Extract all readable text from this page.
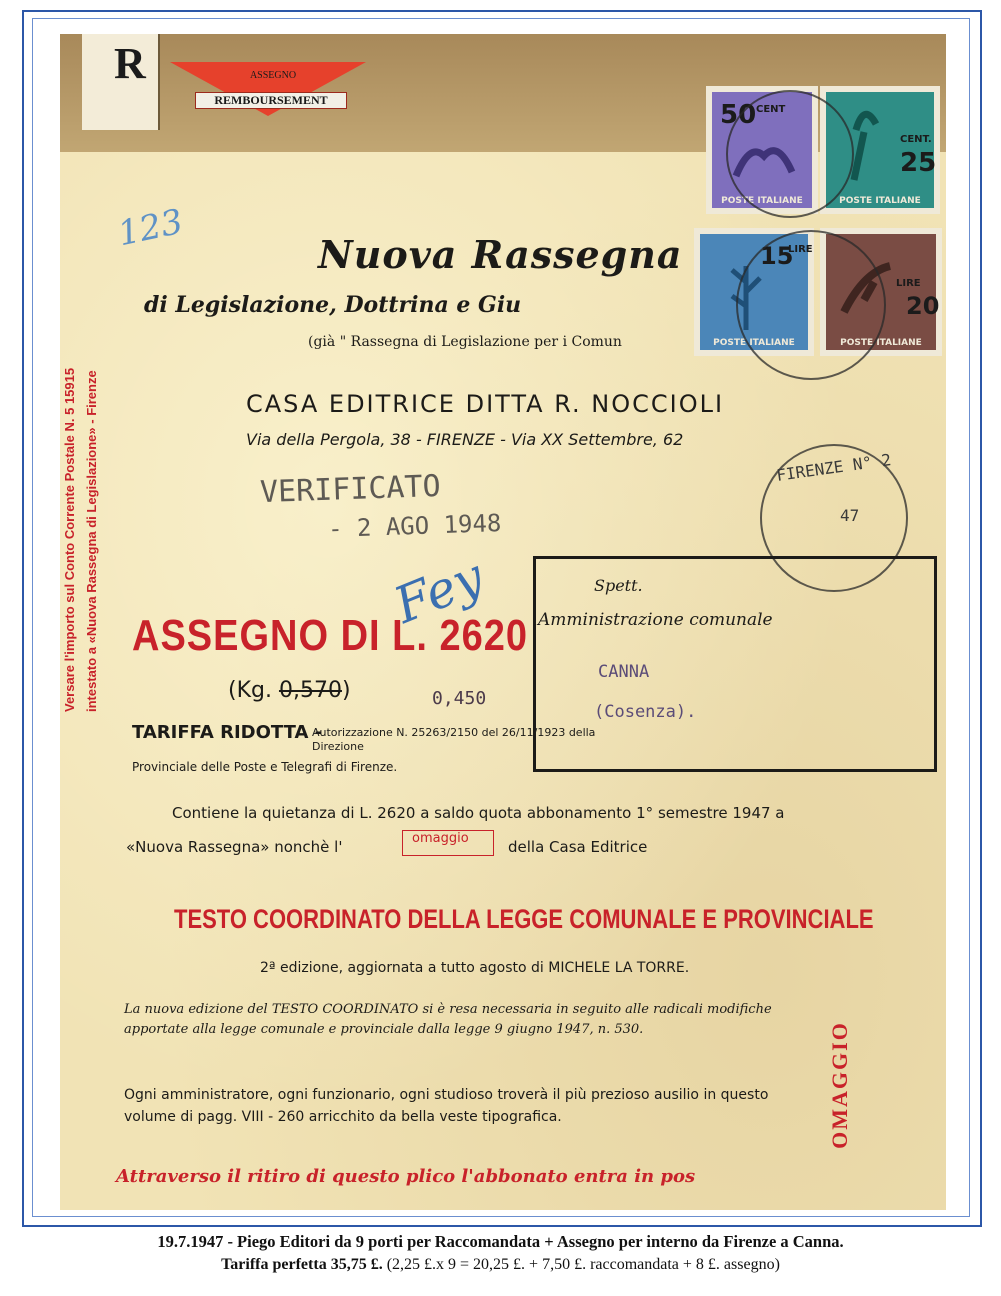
R	ASSEGNO
REMBOURSEMENT	50 CENT
POSTE ITALIANE
CENT.
25
POSTE ITALIANE
15
LIRE
POSTE ITALIANE
LIRE
20
POSTE ITALIANE
FIRENZE N° 2
47
123
Fey
Nuova Rassegna
di Legislazione, Dottrina e Giu
(già " Rassegna di Legislazione per i Comun
CASA EDITRICE DITTA R. NOCCIOLI
Via della Pergola, 38 - FIRENZE - Via XX Settembre, 62
VERIFICATO
- 2 AGO 1948
Versare l'importo sul Conto Corrente Postale N. 5 15915 intestato a «Nuova Rassegna di Legislazione» - Firenze ASSEGNO DI L. 2620
(Kg. 0,570)	0,450
TARIFFA RIDOTTA -
Autorizzazione N. 25263/2150 del 26/11/1923 della Direzione
Provinciale delle Poste e Telegrafi di Firenze.
Spett.
Amministrazione comunale
CANNA
(Cosenza).
Contiene la quietanza di L. 2620 a saldo quota abbonamento 1° semestre 1947 a
«Nuova Rassegna» nonchè l'	omaggio	della Casa Editrice
TESTO COORDINATO DELLA LEGGE COMUNALE E PROVINCIALE
2ª edizione, aggiornata a tutto agosto di MICHELE LA TORRE.
La nuova edizione del TESTO COORDINATO si è resa necessaria in seguito alle radicali modifiche apportate alla legge comunale e provinciale dalla legge 9 giugno 1947, n. 530.
Ogni amministratore, ogni funzionario, ogni studioso troverà il più prezioso ausilio in questo volume di pagg. VIII - 260 arricchito da bella veste tipografica.	OMAGGIO
Attraverso il ritiro di questo plico l'abbonato entra in pos
19.7.1947 - Piego Editori da 9 porti per Raccomandata + Assegno per interno da Firenze a Canna.
Tariffa perfetta 35,75 £. (2,25 £.x 9 = 20,25 £. + 7,50 £. raccomandata + 8 £. assegno)
